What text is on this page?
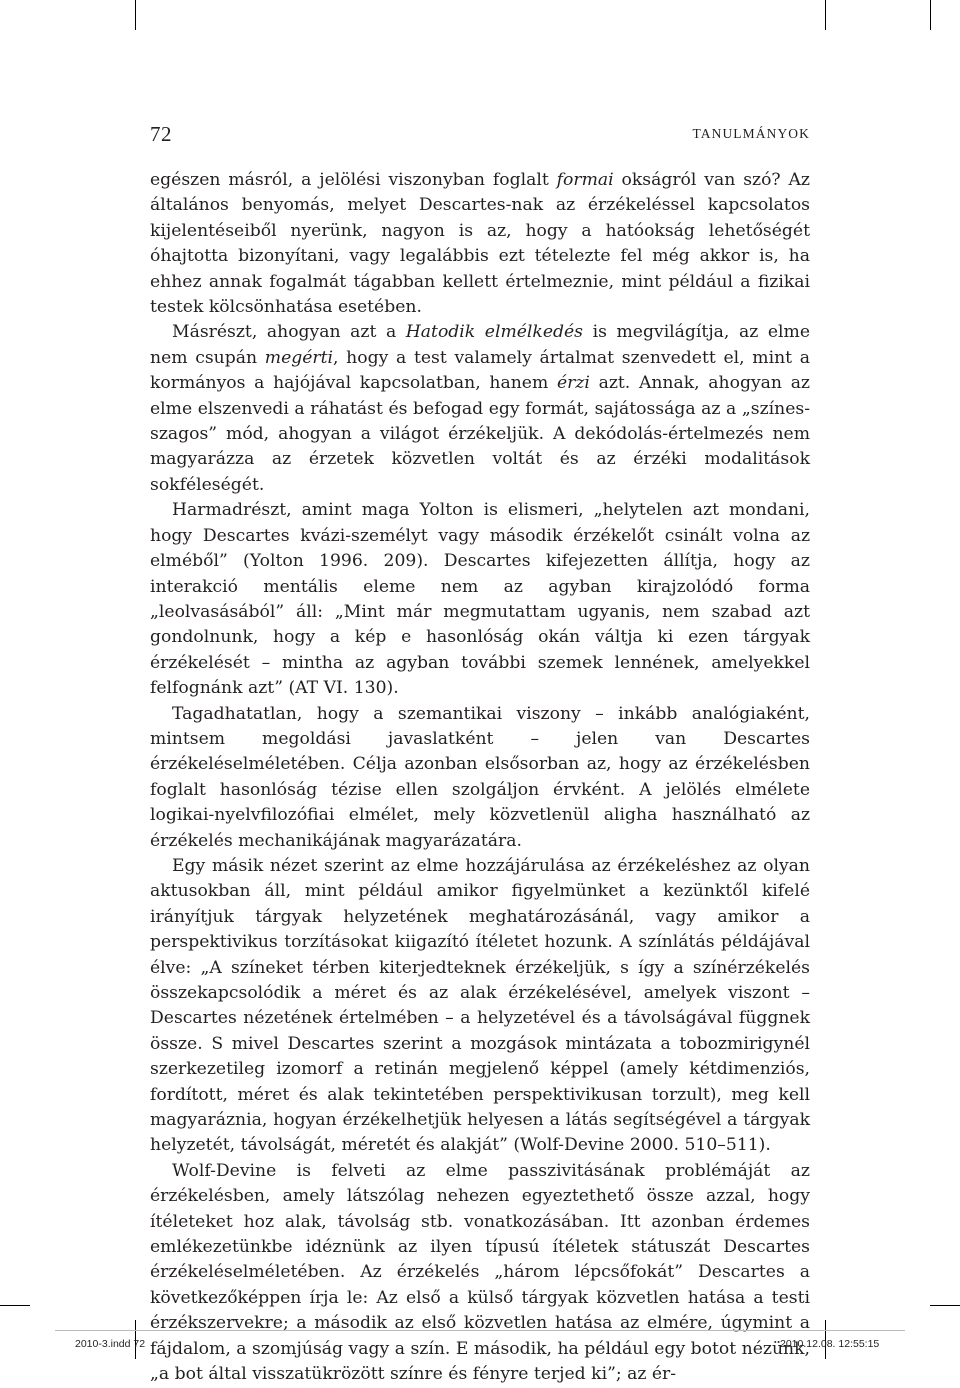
72	TANULMÁNYOK

egészen másról, a jelölési viszonyban foglalt formai okságról van szó? Az általános benyomás, melyet Descartes-nak az érzékeléssel kapcsolatos kijelentéseiből nyerünk, nagyon is az, hogy a hatóokság lehetőségét óhajtotta bizonyítani, vagy legalábbis ezt tételezte fel még akkor is, ha ehhez annak fogalmát tágabban kellett értelmeznie, mint például a fizikai testek kölcsönhatása esetében.

Másrészt, ahogyan azt a Hatodik elmélkedés is megvilágítja, az elme nem csupán megérti, hogy a test valamely ártalmat szenvedett el, mint a kormányos a hajójával kapcsolatban, hanem érzi azt. Annak, ahogyan az elme elszenvedi a ráhatást és befogad egy formát, sajátossága az a „színes-szagos” mód, ahogyan a világot érzékeljük. A dekódolás-értelmezés nem magyarázza az érzetek közvetlen voltát és az érzéki modalitások sokféleségét.

Harmadrészt, amint maga Yolton is elismeri, „helytelen azt mondani, hogy Descartes kvázi-személyt vagy második érzékelőt csinált volna az elméből” (Yolton 1996. 209). Descartes kifejezetten állítja, hogy az interakció mentális eleme nem az agyban kirajzolódó forma „leolvasásából” áll: „Mint már megmutattam ugyanis, nem szabad azt gondolnunk, hogy a kép e hasonlóság okán váltja ki ezen tárgyak érzékelését – mintha az agyban további szemek lennének, amelyekkel felfognánk azt” (AT VI. 130).

Tagadhatatlan, hogy a szemantikai viszony – inkább analógiaként, mintsem megoldási javaslatként – jelen van Descartes érzékeléselméletében. Célja azonban elsősorban az, hogy az érzékelésben foglalt hasonlóság tézise ellen szolgáljon érvként. A jelölés elmélete logikai-nyelvfilozófiai elmélet, mely közvetlenül aligha használható az érzékelés mechanikájának magyarázatára.

Egy másik nézet szerint az elme hozzájárulása az érzékeléshez az olyan aktusokban áll, mint például amikor figyelmünket a kezünktől kifelé irányítjuk tárgyak helyzetének meghatározásánál, vagy amikor a perspektivikus torzításokat kiigazító ítéletet hozunk. A színlátás példájával élve: „A színeket térben kiterjedteknek érzékeljük, s így a színérzékelés összekapcsolódik a méret és az alak érzékelésével, amelyek viszont – Descartes nézetének értelmében – a helyzetével és a távolságával függnek össze. S mivel Descartes szerint a mozgások mintázata a tobozmirigynél szerkezetileg izomorf a retinán megjelenő képpel (amely kétdimenziós, fordított, méret és alak tekintetében perspektivikusan torzult), meg kell magyaráznia, hogyan érzékelhetjük helyesen a látás segítségével a tárgyak helyzetét, távolságát, méretét és alakját” (Wolf-Devine 2000. 510–511).

Wolf-Devine is felveti az elme passzivitásának problémáját az érzékelésben, amely látszólag nehezen egyeztethető össze azzal, hogy ítéleteket hoz alak, távolság stb. vonatkozásában. Itt azonban érdemes emlékezetünkbe idéznünk az ilyen típusú ítéletek státuszát Descartes érzékeléselméletében. Az érzékelés „három lépcsőfokát” Descartes a következőképpen írja le: Az első a külső tárgyak közvetlen hatása a testi érzékszervekre; a második az első közvetlen hatása az elmére, úgymint a fájdalom, a szomjúság vagy a szín. E második, ha például egy botot nézünk, „a bot által visszatükrözött színre és fényre terjed ki”; az ér-

2010-3.indd 72	2010.12.08. 12:55:15
